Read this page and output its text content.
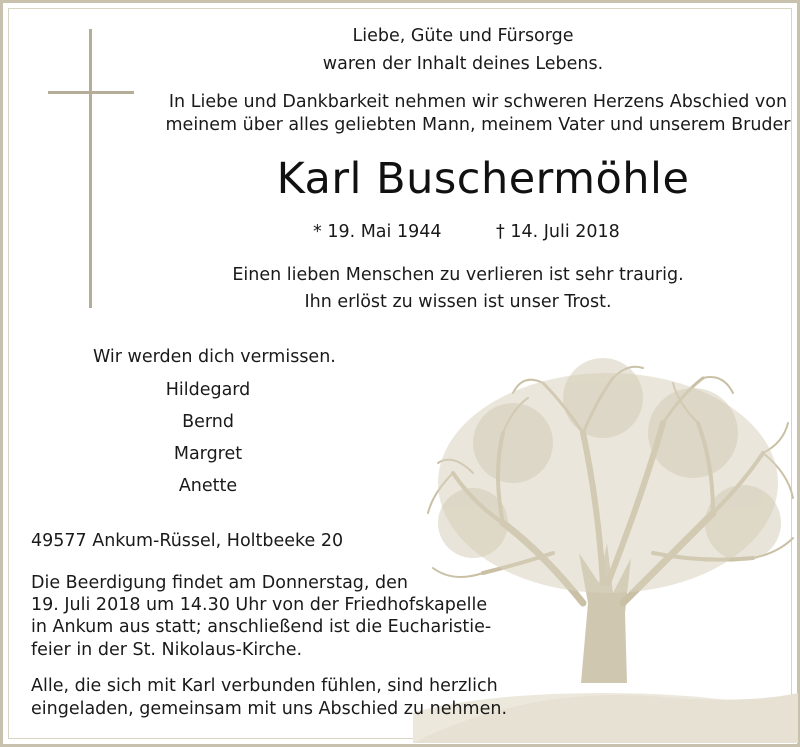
Liebe, Güte und Fürsorge
waren der Inhalt deines Lebens.
In Liebe und Dankbarkeit nehmen wir schweren Herzens Abschied von
meinem über alles geliebten Mann, meinem Vater und unserem Bruder
Karl Buschermöhle
* 19. Mai 1944	† 14. Juli 2018
Einen lieben Menschen zu verlieren ist sehr traurig.
Ihn erlöst zu wissen ist unser Trost.
Wir werden dich vermissen.
Hildegard
Bernd
Margret
Anette
49577 Ankum-Rüssel, Holtbeeke 20
Die Beerdigung findet am Donnerstag, den
19. Juli 2018 um 14.30 Uhr von der Friedhofskapelle
in Ankum aus statt; anschließend ist die Eucharistie-
feier in der St. Nikolaus-Kirche.
Alle, die sich mit Karl verbunden fühlen, sind herzlich
eingeladen, gemeinsam mit uns Abschied zu nehmen.
